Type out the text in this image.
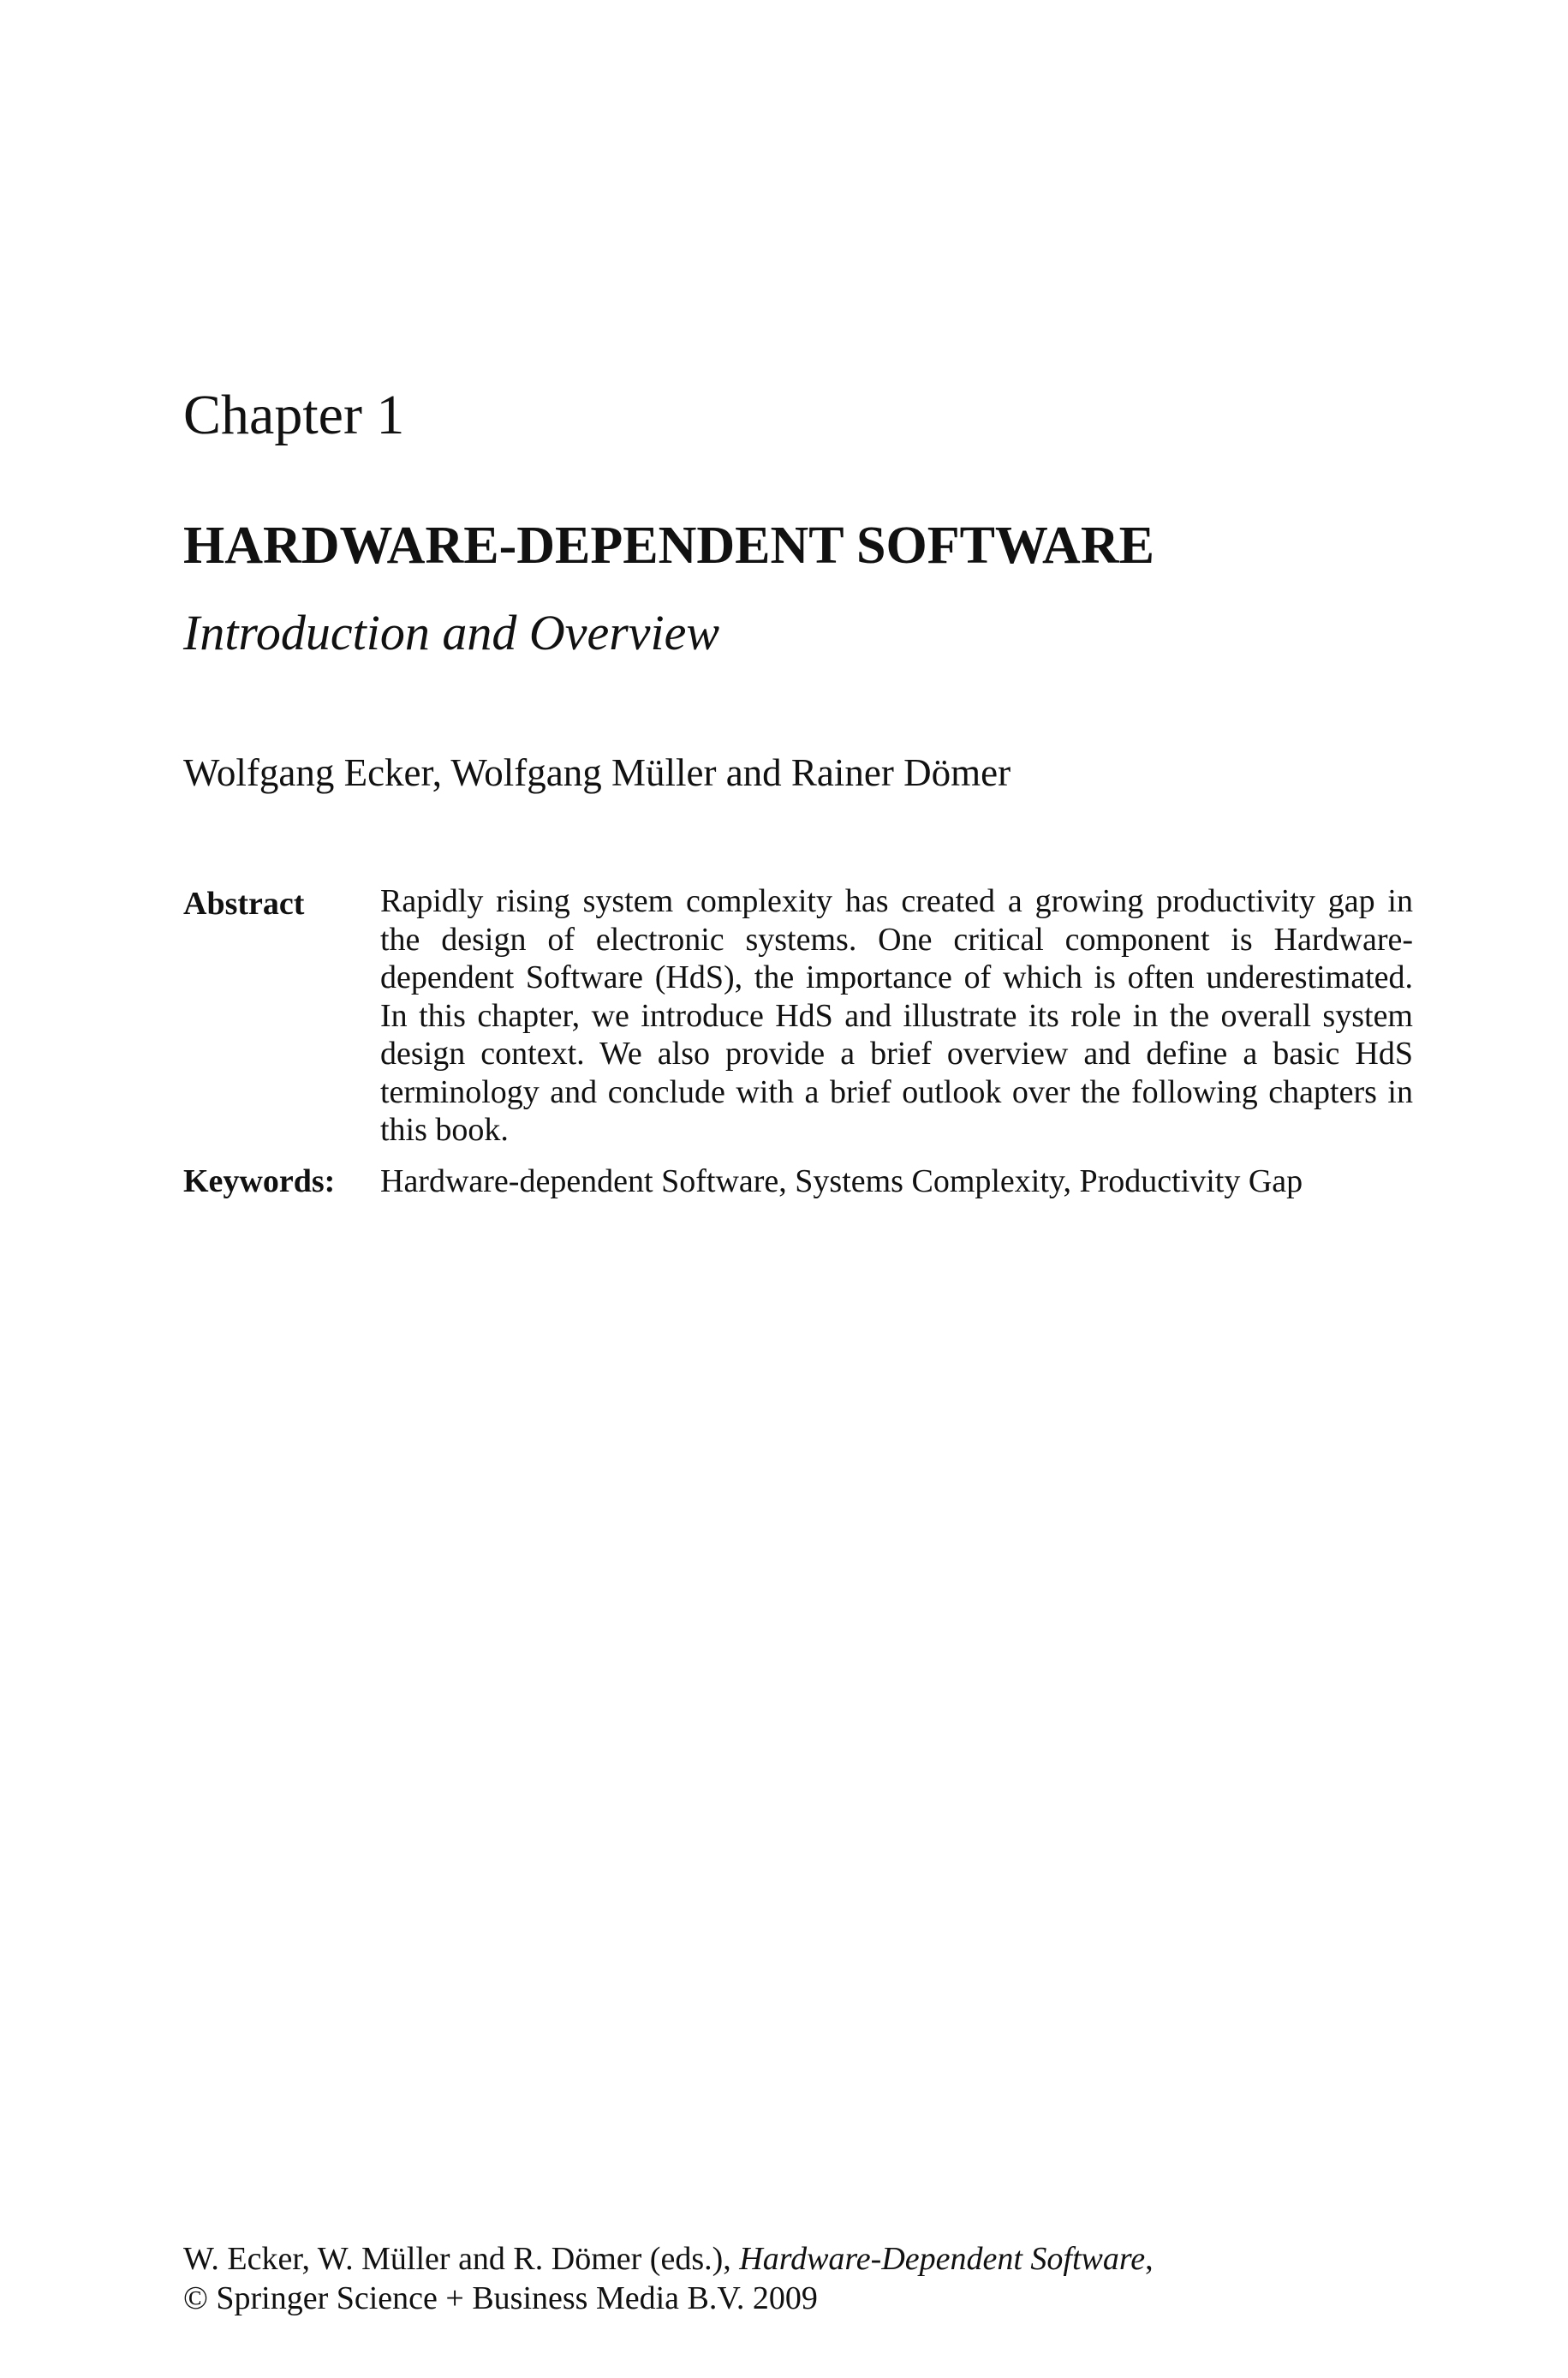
Chapter 1
HARDWARE-DEPENDENT SOFTWARE
Introduction and Overview
Wolfgang Ecker, Wolfgang Müller and Rainer Dömer
Abstract Rapidly rising system complexity has created a growing productivity gap in the design of electronic systems. One critical component is Hardware-dependent Software (HdS), the importance of which is often underestimated. In this chapter, we introduce HdS and illustrate its role in the overall system design context. We also provide a brief overview and define a basic HdS terminology and conclude with a brief outlook over the following chapters in this book.

Keywords: Hardware-dependent Software, Systems Complexity, Productivity Gap
W. Ecker, W. Müller and R. Dömer (eds.), Hardware-Dependent Software,
© Springer Science + Business Media B.V. 2009
